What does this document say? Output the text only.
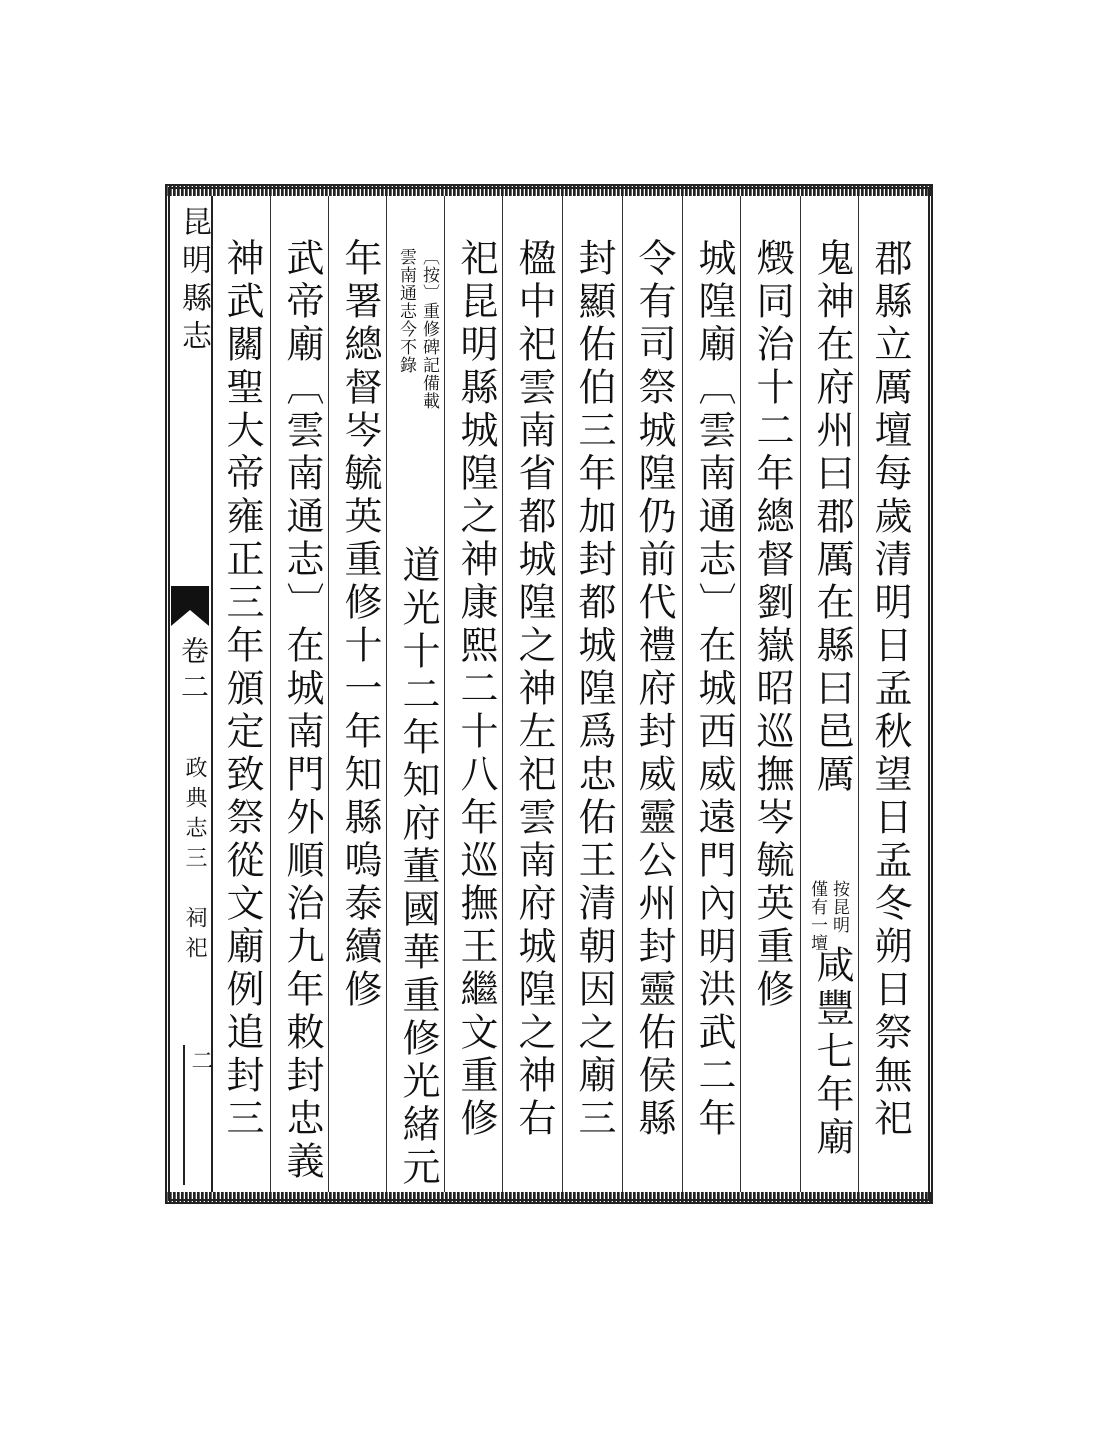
昆明縣志
卷二
政典志三
祠祀
二	郡縣立厲壇每歲清明日孟秋望日孟冬朔日祭無祀
鬼神在府州曰郡厲在縣曰邑厲
按昆明
僅有一壇
咸豐七年廟
燬同治十二年總督劉嶽昭巡撫岑毓英重修
城隍廟〔雲南通志〕在城西威遠門內明洪武二年
令有司祭城隍仍前代禮府封威靈公州封靈佑侯縣
封顯佑伯三年加封都城隍爲忠佑王清朝因之廟三
楹中祀雲南省都城隍之神左祀雲南府城隍之神右
祀昆明縣城隍之神康熙二十八年巡撫王繼文重修
〔按〕重修碑記備載
雲南通志今不錄
道光十二年知府董國華重修光緒元
年署總督岑毓英重修十一年知縣嗚泰續修
武帝廟〔雲南通志〕在城南門外順治九年敕封忠義
神武關聖大帝雍正三年頒定致祭從文廟例追封三
